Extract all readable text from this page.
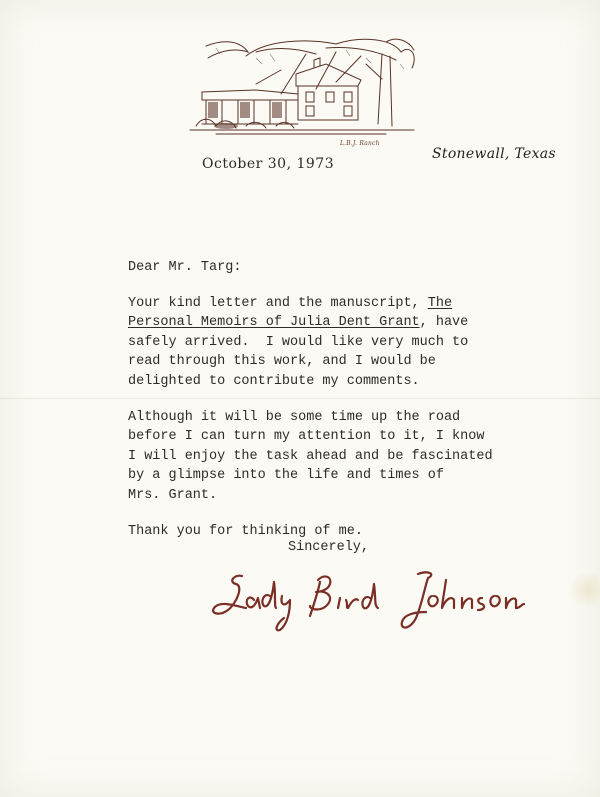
L.B.J. Ranch
October 30, 1973
Stonewall, Texas

Dear Mr. Targ:

Your kind letter and the manuscript, The
Personal Memoirs of Julia Dent Grant, have
safely arrived.  I would like very much to
read through this work, and I would be
delighted to contribute my comments.

Although it will be some time up the road
before I can turn my attention to it, I know
I will enjoy the task ahead and be fascinated
by a glimpse into the life and times of
Mrs. Grant.

Thank you for thinking of me.

Sincerely,
